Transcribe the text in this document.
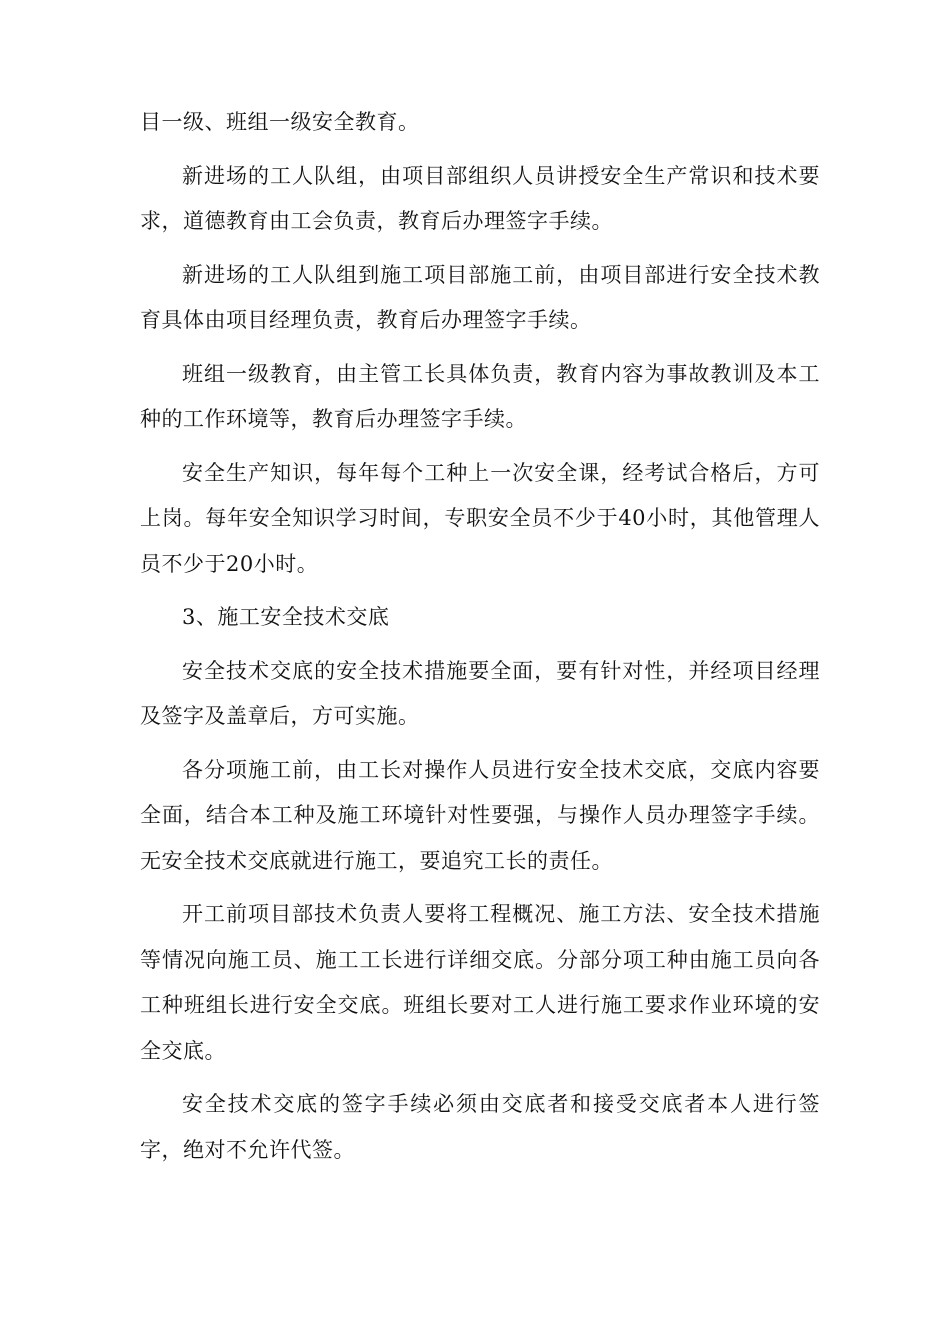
目一级、班组一级安全教育。

新进场的工人队组，由项目部组织人员讲授安全生产常识和技术要求，道德教育由工会负责，教育后办理签字手续。

新进场的工人队组到施工项目部施工前，由项目部进行安全技术教育具体由项目经理负责，教育后办理签字手续。

班组一级教育，由主管工长具体负责，教育内容为事故教训及本工种的工作环境等，教育后办理签字手续。

安全生产知识，每年每个工种上一次安全课，经考试合格后，方可上岗。每年安全知识学习时间，专职安全员不少于40小时，其他管理人员不少于20小时。

3、施工安全技术交底

安全技术交底的安全技术措施要全面，要有针对性，并经项目经理及签字及盖章后，方可实施。

各分项施工前，由工长对操作人员进行安全技术交底，交底内容要全面，结合本工种及施工环境针对性要强，与操作人员办理签字手续。无安全技术交底就进行施工，要追究工长的责任。

开工前项目部技术负责人要将工程概况、施工方法、安全技术措施等情况向施工员、施工工长进行详细交底。分部分项工种由施工员向各工种班组长进行安全交底。班组长要对工人进行施工要求作业环境的安全交底。

安全技术交底的签字手续必须由交底者和接受交底者本人进行签字，绝对不允许代签。
